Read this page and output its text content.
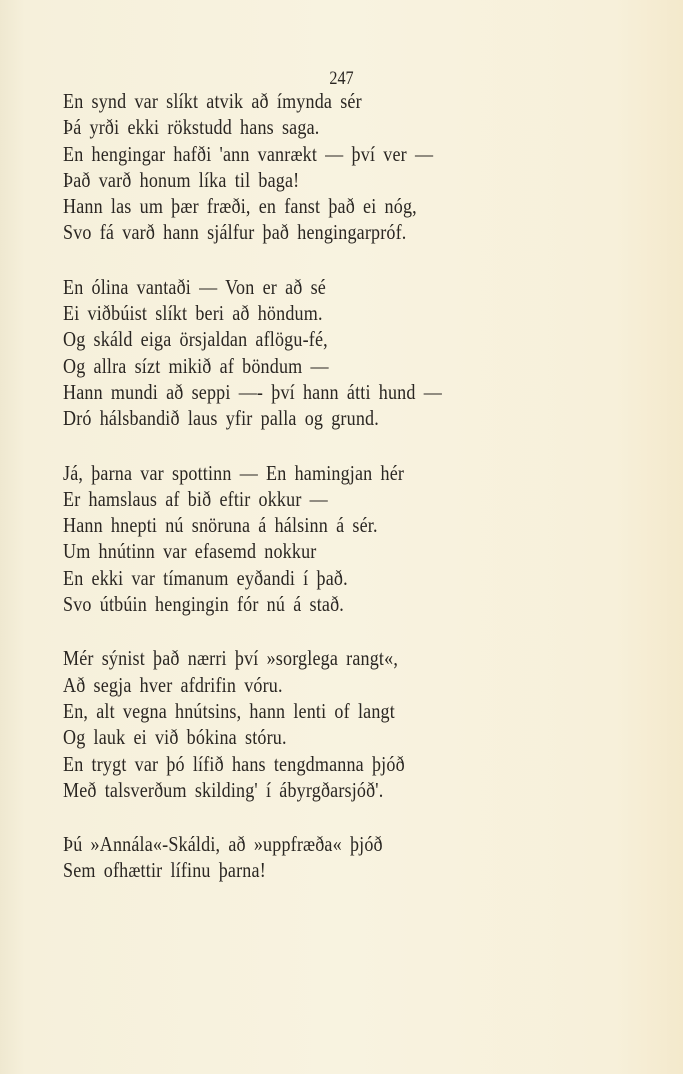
247
En synd var slíkt atvik að ímynda sér
Þá yrði ekki rökstudd hans saga.
En hengingar hafði 'ann vanrækt — því ver —
Það varð honum líka til baga!
Hann las um þær fræði, en fanst það ei nóg,
Svo fá varð hann sjálfur það hengingarpróf.
En ólina vantaði — Von er að sé
Ei viðbúist slíkt beri að höndum.
Og skáld eiga örsjaldan aflögu-fé,
Og allra sízt mikið af böndum —
Hann mundi að seppi —- því hann átti hund —
Dró hálsbandið laus yfir palla og grund.
Já, þarna var spottinn — En hamingjan hér
Er hamslaus af bið eftir okkur —
Hann hnepti nú snöruna á hálsinn á sér.
Um hnútinn var efasemd nokkur
En ekki var tímanum eyðandi í það.
Svo útbúin hengingin fór nú á stað.
Mér sýnist það nærri því »sorglega rangt«,
Að segja hver afdrifin vóru.
En, alt vegna hnútsins, hann lenti of langt
Og lauk ei við bókina stóru.
En trygt var þó lífið hans tengdmanna þjóð
Með talsverðum skilding' í ábyrgðarsjóð'.
Þú »Annála«-Skáldi, að »uppfræða« þjóð
Sem ofhættir lífinu þarna!
